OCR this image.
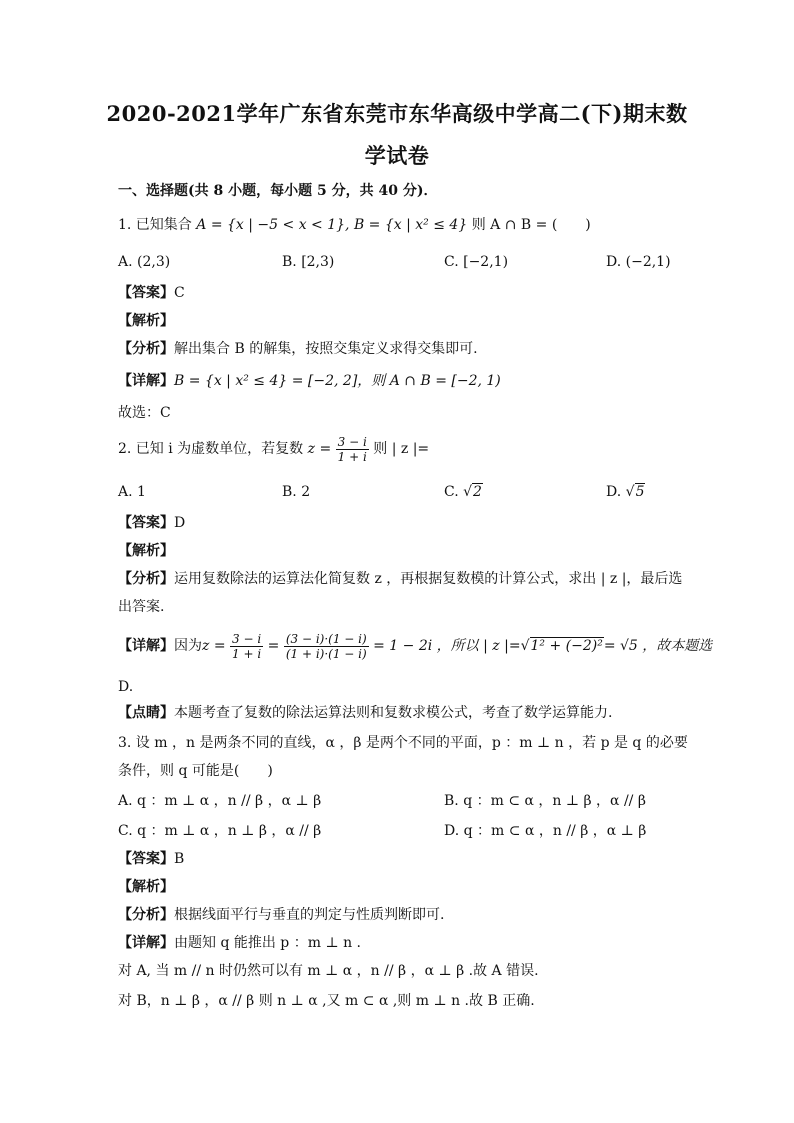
2020-2021学年广东省东莞市东华高级中学高二(下)期末数
学试卷
一、选择题(共 8 小题，每小题 5 分，共 40 分)．
1. 已知集合 A = {x | −5 < x < 1}, B = {x | x² ≤ 4} 则 A ∩ B = (　　)
A. (2,3)	B. [2,3)	C. [−2,1)	D. (−2,1)
【答案】C
【解析】
【分析】解出集合 B 的解集，按照交集定义求得交集即可.
【详解】B = {x | x² ≤ 4} = [−2, 2]，则 A ∩ B = [−2, 1)
故选：C
2. 已知 i 为虚数单位，若复数 $z = \frac{3 - i}{1 + i}$ 则 | z |=
A. 1	B. 2	C. √2	D. √5
【答案】D
【解析】
【分析】运用复数除法的运算法化简复数 z ，再根据复数模的计算公式，求出 | z |，最后选
出答案.
【详解】因为$z = \frac{3 - i}{1 + i} = \frac{(3 - i)\cdot(1 - i)}{(1 + i)\cdot(1 - i)} = 1 - 2i$ ，所以 | z |=√1² + (−2)²= √5 ，故本题选
D.
【点睛】本题考查了复数的除法运算法则和复数求模公式，考查了数学运算能力.
3. 设 m ，n 是两条不同的直线，α ，β 是两个不同的平面，p ：m ⊥ n ，若 p 是 q 的必要
条件，则 q 可能是(　　)
A. q ：m ⊥ α ，n // β ，α ⊥ β	B. q ：m ⊂ α ，n ⊥ β ，α // β
C. q ：m ⊥ α ，n ⊥ β ，α // β	D. q ：m ⊂ α ，n // β ，α ⊥ β
【答案】B
【解析】
【分析】根据线面平行与垂直的判定与性质判断即可.
【详解】由题知 q 能推出 p ：m ⊥ n .
对 A, 当 m // n 时仍然可以有 m ⊥ α ，n // β ，α ⊥ β .故 A 错误.
对 B，n ⊥ β ，α // β 则 n ⊥ α ,又 m ⊂ α ,则 m ⊥ n .故 B 正确.
